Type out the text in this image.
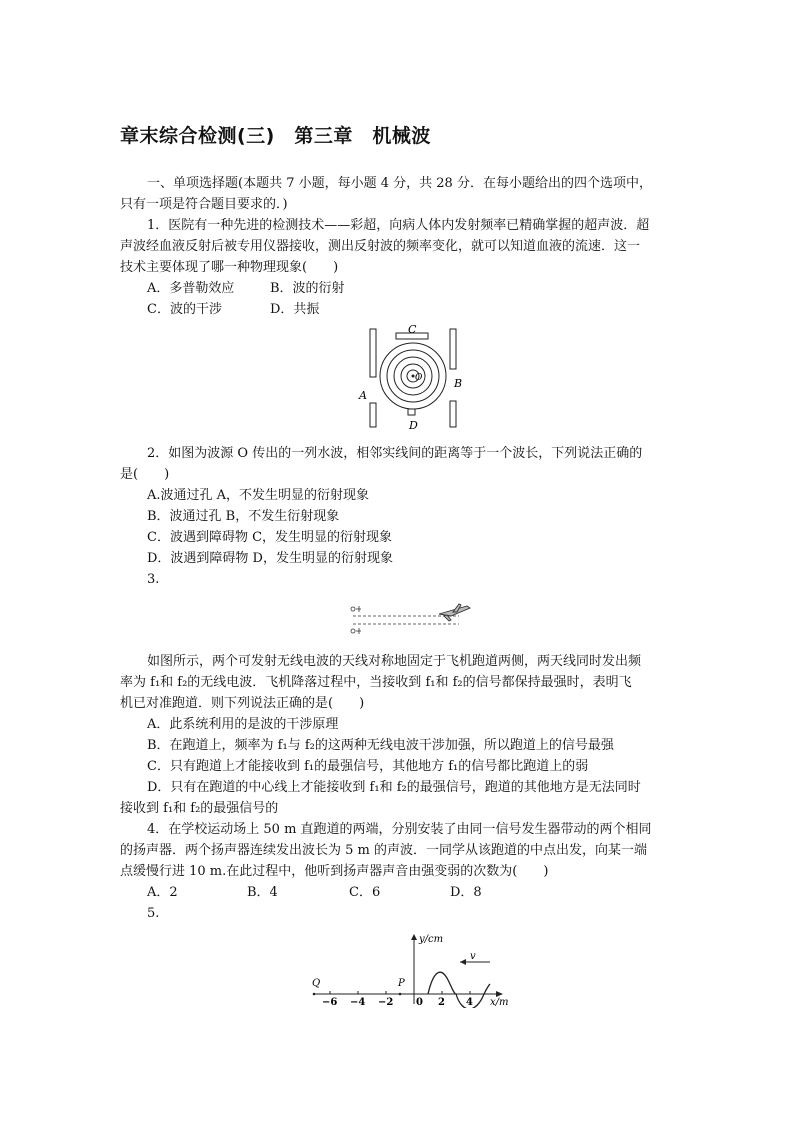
章末综合检测(三)　第三章　机械波
一、单项选择题(本题共 7 小题，每小题 4 分，共 28 分．在每小题给出的四个选项中，
只有一项是符合题目要求的．)
1．医院有一种先进的检测技术——彩超，向病人体内发射频率已精确掌握的超声波．超
声波经血液反射后被专用仪器接收，测出反射波的频率变化，就可以知道血液的流速．这一
技术主要体现了哪一种物理现象(　　)
A．多普勒效应	B．波的衍射
C．波的干涉	D．共振
C
D
A
B
O
2．如图为波源 O 传出的一列水波，相邻实线间的距离等于一个波长，下列说法正确的
是(　　)
A.波通过孔 A，不发生明显的衍射现象
B．波通过孔 B，不发生衍射现象
C．波遇到障碍物 C，发生明显的衍射现象
D．波遇到障碍物 D，发生明显的衍射现象
3.
如图所示，两个可发射无线电波的天线对称地固定于飞机跑道两侧，两天线同时发出频
率为 f₁和 f₂的无线电波．飞机降落过程中，当接收到 f₁和 f₂的信号都保持最强时，表明飞
机已对准跑道．则下列说法正确的是(　　)
A．此系统利用的是波的干涉原理
B．在跑道上，频率为 f₁与 f₂的这两种无线电波干涉加强，所以跑道上的信号最强
C．只有跑道上才能接收到 f₁的最强信号，其他地方 f₁的信号都比跑道上的弱
D．只有在跑道的中心线上才能接收到 f₁和 f₂的最强信号，跑道的其他地方是无法同时
接收到 f₁和 f₂的最强信号的
4．在学校运动场上 50 m 直跑道的两端，分别安装了由同一信号发生器带动的两个相同
的扬声器．两个扬声器连续发出波长为 5 m 的声波．一同学从该跑道的中点出发，向某一端
点缓慢行进 10 m.在此过程中，他听到扬声器声音由强变弱的次数为(　　)
A．2	B．4	C．6	D．8
5.
v
Q	P
y/cm
x/m
−6 −4 −2 0 2 4
